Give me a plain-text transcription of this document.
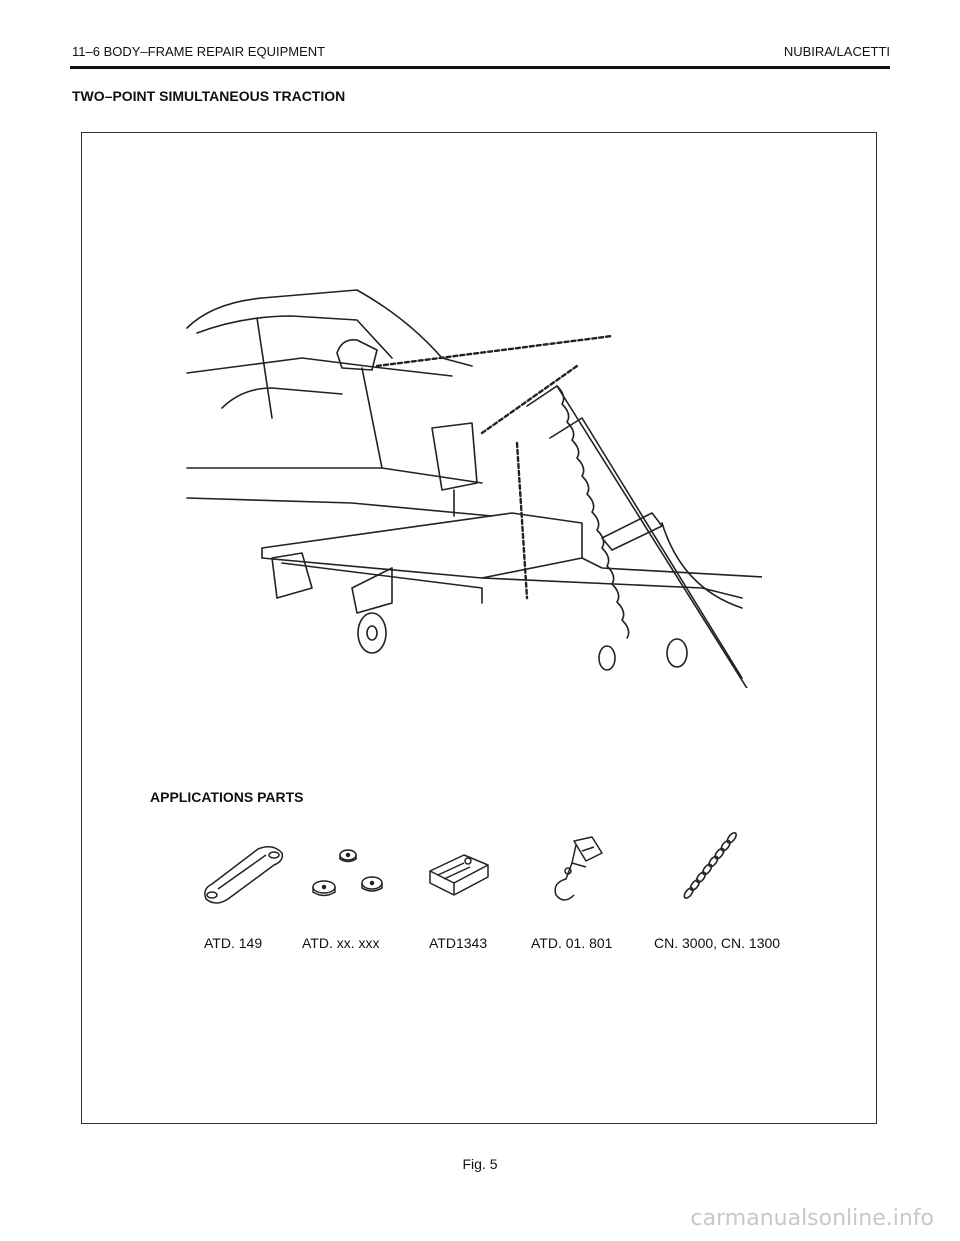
11–6 BODY–FRAME REPAIR EQUIPMENT	NUBIRA/LACETTI
TWO–POINT SIMULTANEOUS TRACTION
APPLICATIONS PARTS
ATD. 149	ATD. xx. xxx	ATD1343	ATD. 01. 801	CN. 3000, CN. 1300
Fig. 5
carmanualsonline.info
